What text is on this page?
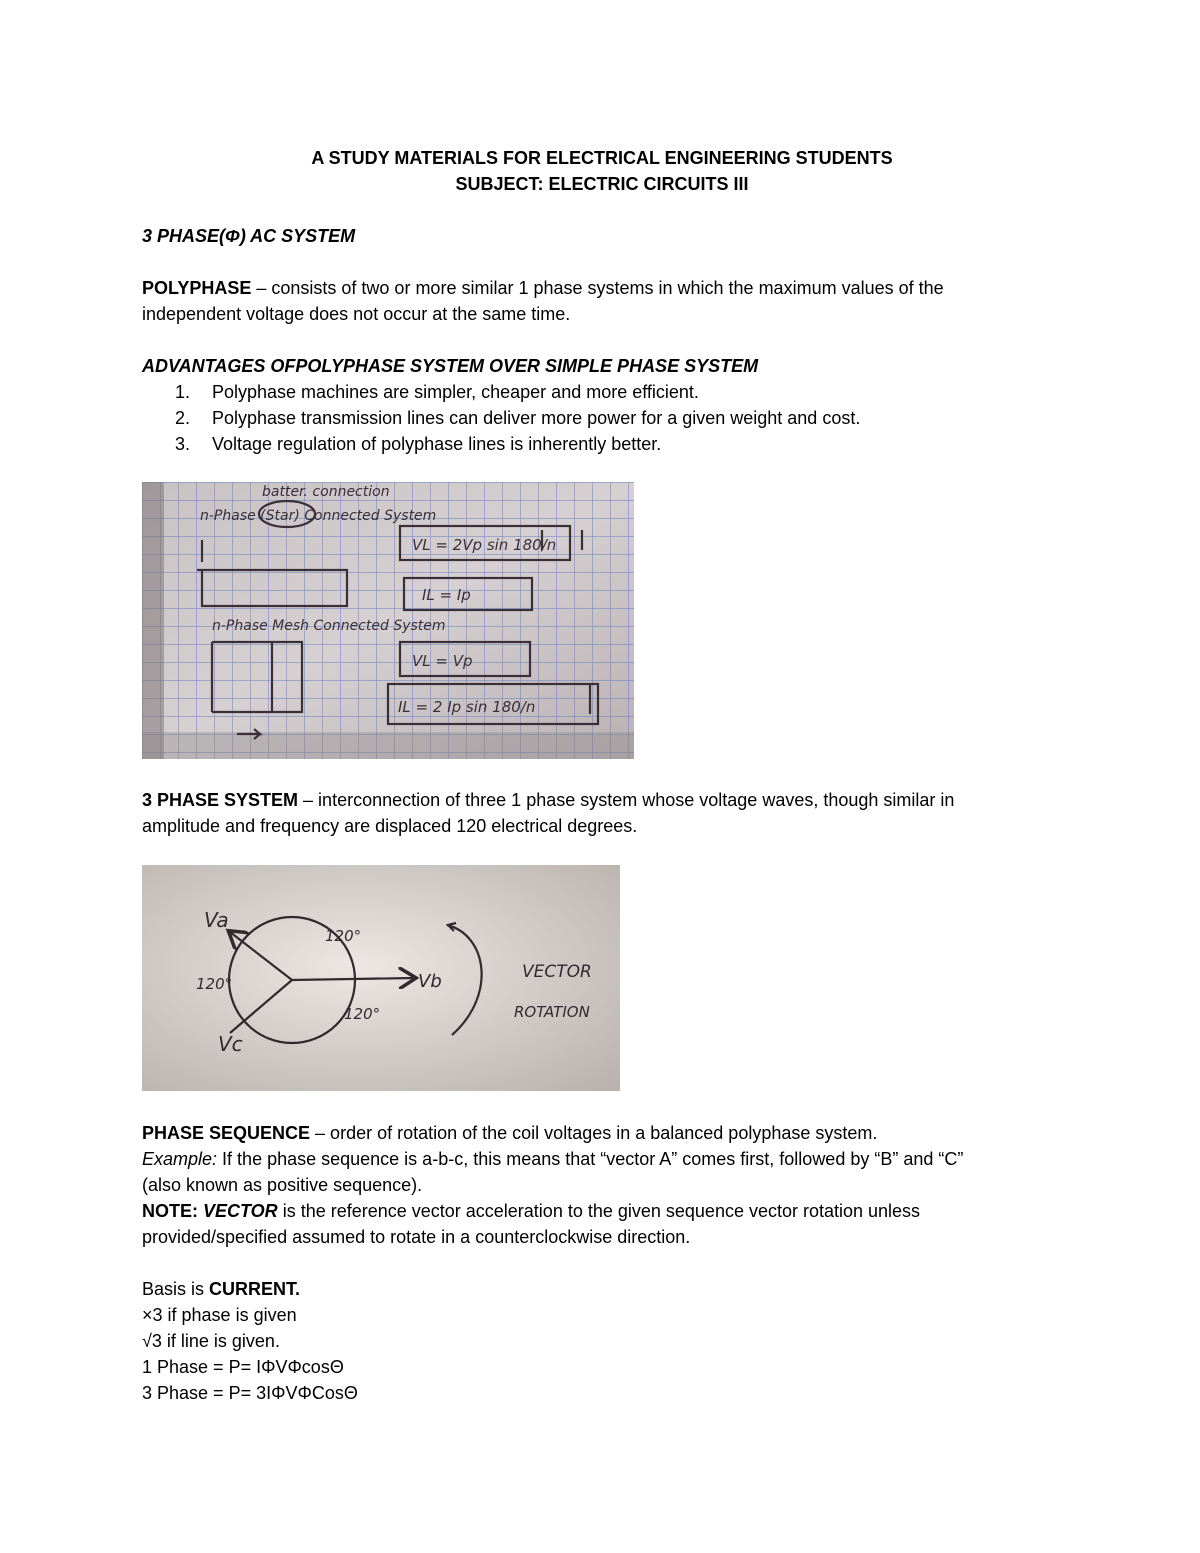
A STUDY MATERIALS FOR ELECTRICAL ENGINEERING STUDENTS
SUBJECT: ELECTRIC CIRCUITS III
3 PHASE(Φ) AC SYSTEM
POLYPHASE – consists of two or more similar 1 phase systems in which the maximum values of the
independent voltage does not occur at the same time.
ADVANTAGES OFPOLYPHASE SYSTEM OVER SIMPLE PHASE SYSTEM
1. Polyphase machines are simpler, cheaper and more efficient.
2. Polyphase transmission lines can deliver more power for a given weight and cost.
3. Voltage regulation of polyphase lines is inherently better.
3 PHASE SYSTEM – interconnection of three 1 phase system whose voltage waves, though similar in
amplitude and frequency are displaced 120 electrical degrees.
PHASE SEQUENCE – order of rotation of the coil voltages in a balanced polyphase system.
Example: If the phase sequence is a-b-c, this means that “vector A” comes first, followed by “B” and “C”
(also known as positive sequence).
NOTE: VECTOR is the reference vector acceleration to the given sequence vector rotation unless
provided/specified assumed to rotate in a counterclockwise direction.
Basis is CURRENT.
×3 if phase is given
√3 if line is given.
1 Phase = P= IΦVΦcosΘ
3 Phase = P= 3IΦVΦCosΘ
batter. connection
n-Phase (Star) Connected System
VL = 2Vp sin 180/n
IL = Ip
n-Phase Mesh Connected System
VL = Vp
IL = 2 Ip sin 180/n
Va
Vb
Vc
120°
120°
120°
VECTOR
ROTATION
